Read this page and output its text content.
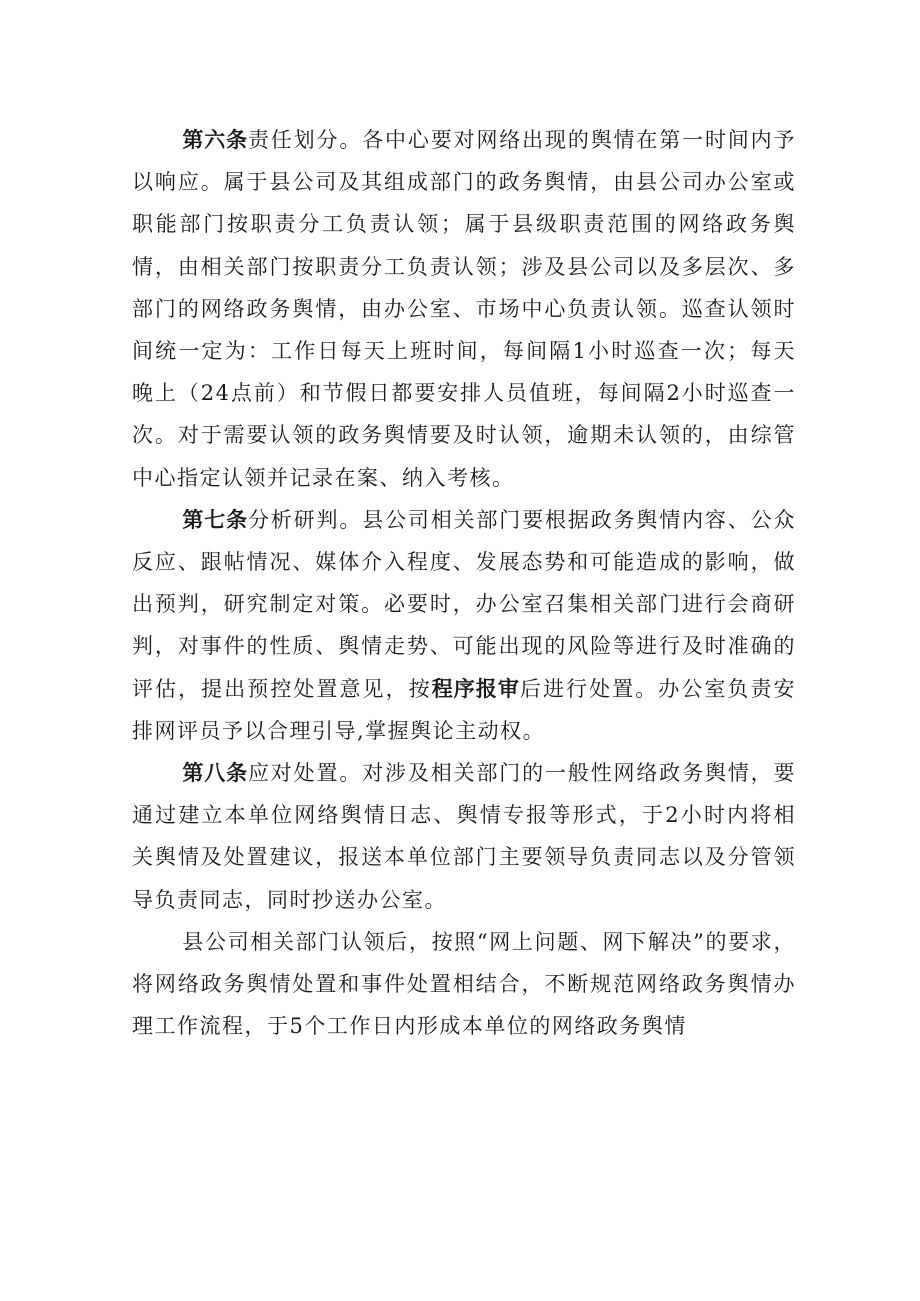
第六条责任划分。各中心要对网络出现的舆情在第一时间内予以响应。属于县公司及其组成部门的政务舆情，由县公司办公室或职能部门按职责分工负责认领；属于县级职责范围的网络政务舆情，由相关部门按职责分工负责认领；涉及县公司以及多层次、多部门的网络政务舆情，由办公室、市场中心负责认领。巡查认领时间统一定为：工作日每天上班时间，每间隔1小时巡查一次；每天晚上（24点前）和节假日都要安排人员值班，每间隔2小时巡查一次。对于需要认领的政务舆情要及时认领，逾期未认领的，由综管中心指定认领并记录在案、纳入考核。

第七条分析研判。县公司相关部门要根据政务舆情内容、公众反应、跟帖情况、媒体介入程度、发展态势和可能造成的影响，做出预判，研究制定对策。必要时，办公室召集相关部门进行会商研判，对事件的性质、舆情走势、可能出现的风险等进行及时准确的评估，提出预控处置意见，按程序报审后进行处置。办公室负责安排网评员予以合理引导,掌握舆论主动权。

第八条应对处置。对涉及相关部门的一般性网络政务舆情，要通过建立本单位网络舆情日志、舆情专报等形式，于2小时内将相关舆情及处置建议，报送本单位部门主要领导负责同志以及分管领导负责同志，同时抄送办公室。

县公司相关部门认领后，按照“网上问题、网下解决”的要求，将网络政务舆情处置和事件处置相结合，不断规范网络政务舆情办理工作流程，于5个工作日内形成本单位的网络政务舆情
